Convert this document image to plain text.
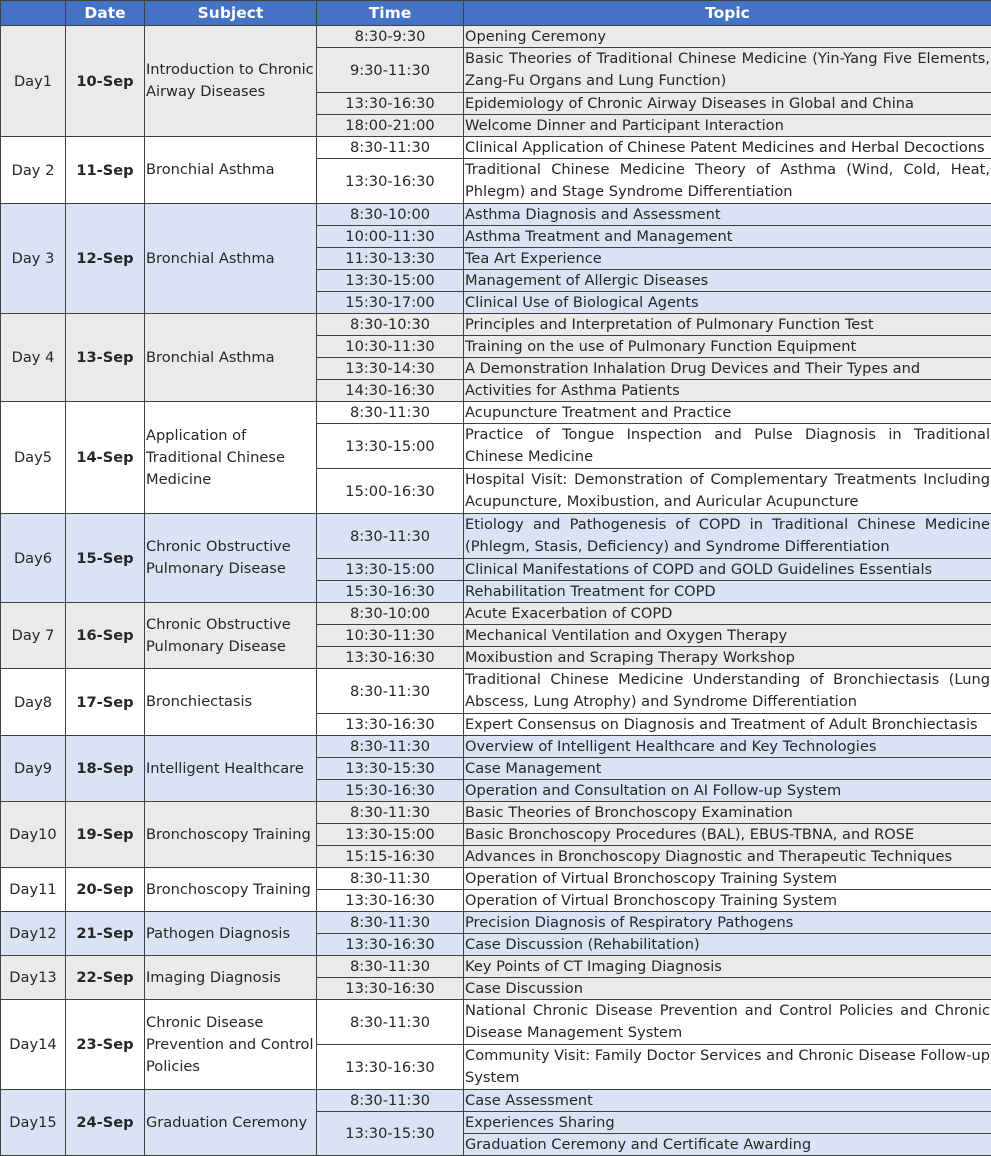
	Date	Subject	Time	Topic
Day1	10-Sep	Introduction to Chronic Airway Diseases	8:30-9:30	Opening Ceremony
			9:30-11:30	Basic Theories of Traditional Chinese Medicine (Yin-Yang Five Elements, Zang-Fu Organs and Lung Function)
			13:30-16:30	Epidemiology of Chronic Airway Diseases in Global and China
			18:00-21:00	Welcome Dinner and Participant Interaction
Day 2	11-Sep	Bronchial Asthma	8:30-11:30	Clinical Application of Chinese Patent Medicines and Herbal Decoctions
			13:30-16:30	Traditional Chinese Medicine Theory of Asthma (Wind, Cold, Heat, Phlegm) and Stage Syndrome Differentiation
Day 3	12-Sep	Bronchial Asthma	8:30-10:00	Asthma Diagnosis and Assessment
			10:00-11:30	Asthma Treatment and Management
			11:30-13:30	Tea Art Experience
			13:30-15:00	Management of Allergic Diseases
			15:30-17:00	Clinical Use of Biological Agents
Day 4	13-Sep	Bronchial Asthma	8:30-10:30	Principles and Interpretation of Pulmonary Function Test
			10:30-11:30	Training on the use of Pulmonary Function Equipment
			13:30-14:30	A Demonstration Inhalation Drug Devices and Their Types and
			14:30-16:30	Activities for Asthma Patients
Day5	14-Sep	Application of Traditional Chinese Medicine	8:30-11:30	Acupuncture Treatment and Practice
			13:30-15:00	Practice of Tongue Inspection and Pulse Diagnosis in Traditional Chinese Medicine
			15:00-16:30	Hospital Visit: Demonstration of Complementary Treatments Including Acupuncture, Moxibustion, and Auricular Acupuncture
Day6	15-Sep	Chronic Obstructive Pulmonary Disease	8:30-11:30	Etiology and Pathogenesis of COPD in Traditional Chinese Medicine (Phlegm, Stasis, Deficiency) and Syndrome Differentiation
			13:30-15:00	Clinical Manifestations of COPD and GOLD Guidelines Essentials
			15:30-16:30	Rehabilitation Treatment for COPD
Day 7	16-Sep	Chronic Obstructive Pulmonary Disease	8:30-10:00	Acute Exacerbation of COPD
			10:30-11:30	Mechanical Ventilation and Oxygen Therapy
			13:30-16:30	Moxibustion and Scraping Therapy Workshop
Day8	17-Sep	Bronchiectasis	8:30-11:30	Traditional Chinese Medicine Understanding of Bronchiectasis (Lung Abscess, Lung Atrophy) and Syndrome Differentiation
			13:30-16:30	Expert Consensus on Diagnosis and Treatment of Adult Bronchiectasis
Day9	18-Sep	Intelligent Healthcare	8:30-11:30	Overview of Intelligent Healthcare and Key Technologies
			13:30-15:30	Case Management
			15:30-16:30	Operation and Consultation on AI Follow-up System
Day10	19-Sep	Bronchoscopy Training	8:30-11:30	Basic Theories of Bronchoscopy Examination
			13:30-15:00	Basic Bronchoscopy Procedures (BAL), EBUS-TBNA, and ROSE
			15:15-16:30	Advances in Bronchoscopy Diagnostic and Therapeutic Techniques
Day11	20-Sep	Bronchoscopy Training	8:30-11:30	Operation of Virtual Bronchoscopy Training System
			13:30-16:30	Operation of Virtual Bronchoscopy Training System
Day12	21-Sep	Pathogen Diagnosis	8:30-11:30	Precision Diagnosis of Respiratory Pathogens
			13:30-16:30	Case Discussion (Rehabilitation)
Day13	22-Sep	Imaging Diagnosis	8:30-11:30	Key Points of CT Imaging Diagnosis
			13:30-16:30	Case Discussion
Day14	23-Sep	Chronic Disease Prevention and Control Policies	8:30-11:30	National Chronic Disease Prevention and Control Policies and Chronic Disease Management System
			13:30-16:30	Community Visit: Family Doctor Services and Chronic Disease Follow-up System
Day15	24-Sep	Graduation Ceremony	8:30-11:30	Case Assessment
			13:30-15:30	Experiences Sharing
				Graduation Ceremony and Certificate Awarding
